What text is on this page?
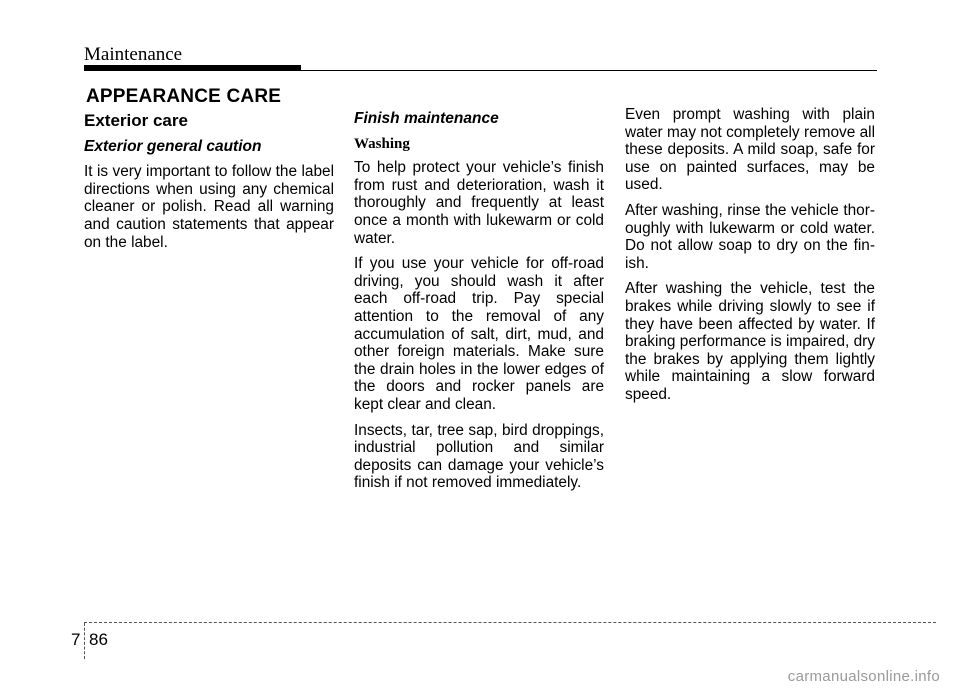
Maintenance
APPEARANCE CARE
Exterior care
Exterior general caution

It is very important to follow the label directions when using any chemical cleaner or polish. Read all warning and caution statements that appear on the label.

Finish maintenance
Washing

To help protect your vehicle’s finish from rust and deterioration, wash it thoroughly and frequently at least once a month with lukewarm or cold water.

If you use your vehicle for off-road driving, you should wash it after each off-road trip. Pay special attention to the removal of any accumulation of salt, dirt, mud, and other foreign materials. Make sure the drain holes in the lower edges of the doors and rocker panels are kept clear and clean.

Insects, tar, tree sap, bird droppings, industrial pollution and similar deposits can damage your vehicle’s finish if not removed immediately.

Even prompt washing with plain water may not completely remove all these deposits. A mild soap, safe for use on painted surfaces, may be used.

After washing, rinse the vehicle thor- oughly with lukewarm or cold water. Do not allow soap to dry on the fin- ish.

After washing the vehicle, test the brakes while driving slowly to see if they have been affected by water. If braking performance is impaired, dry the brakes by applying them lightly while maintaining a slow forward speed.

7 86
carmanualsonline.info
